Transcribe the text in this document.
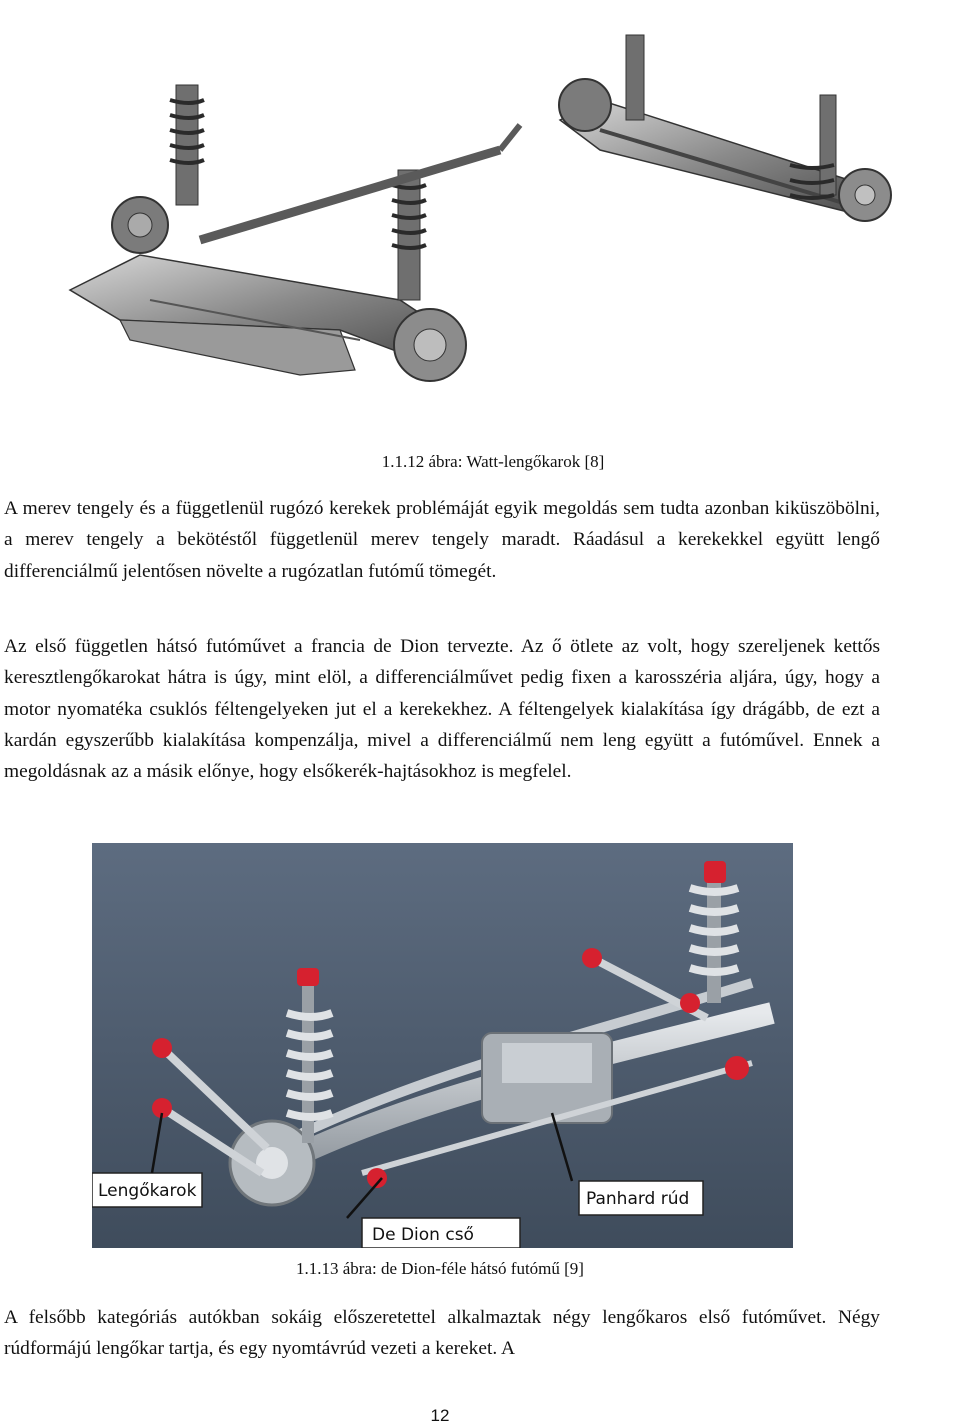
1.1.12 ábra: Watt-lengőkarok [8]

A merev tengely és a függetlenül rugózó kerekek problémáját egyik megoldás sem tudta azonban kiküszöbölni, a merev tengely a bekötéstől függetlenül merev tengely maradt. Ráadásul a kerekekkel együtt lengő differenciálmű jelentősen növelte a rugózatlan futómű tömegét.

Az első független hátsó futóművet a francia de Dion tervezte. Az ő ötlete az volt, hogy szereljenek kettős keresztlengőkarokat hátra is úgy, mint elöl, a differenciálművet pedig fixen a karosszéria aljára, úgy, hogy a motor nyomatéka csuklós féltengelyeken jut el a kerekekhez. A féltengelyek kialakítása így drágább, de ezt a kardán egyszerűbb kialakítása kompenzálja, mivel a differenciálmű nem leng együtt a futóművel. Ennek a megoldásnak az a másik előnye, hogy elsőkerék-hajtásokhoz is megfelel.

Lengőkarok
De Dion cső
Panhard rúd
1.1.13 ábra: de Dion-féle hátsó futómű [9]

A felsőbb kategóriás autókban sokáig előszeretettel alkalmaztak négy lengőkaros első futóművet. Négy rúdformájú lengőkar tartja, és egy nyomtávrúd vezeti a kereket. A

12
